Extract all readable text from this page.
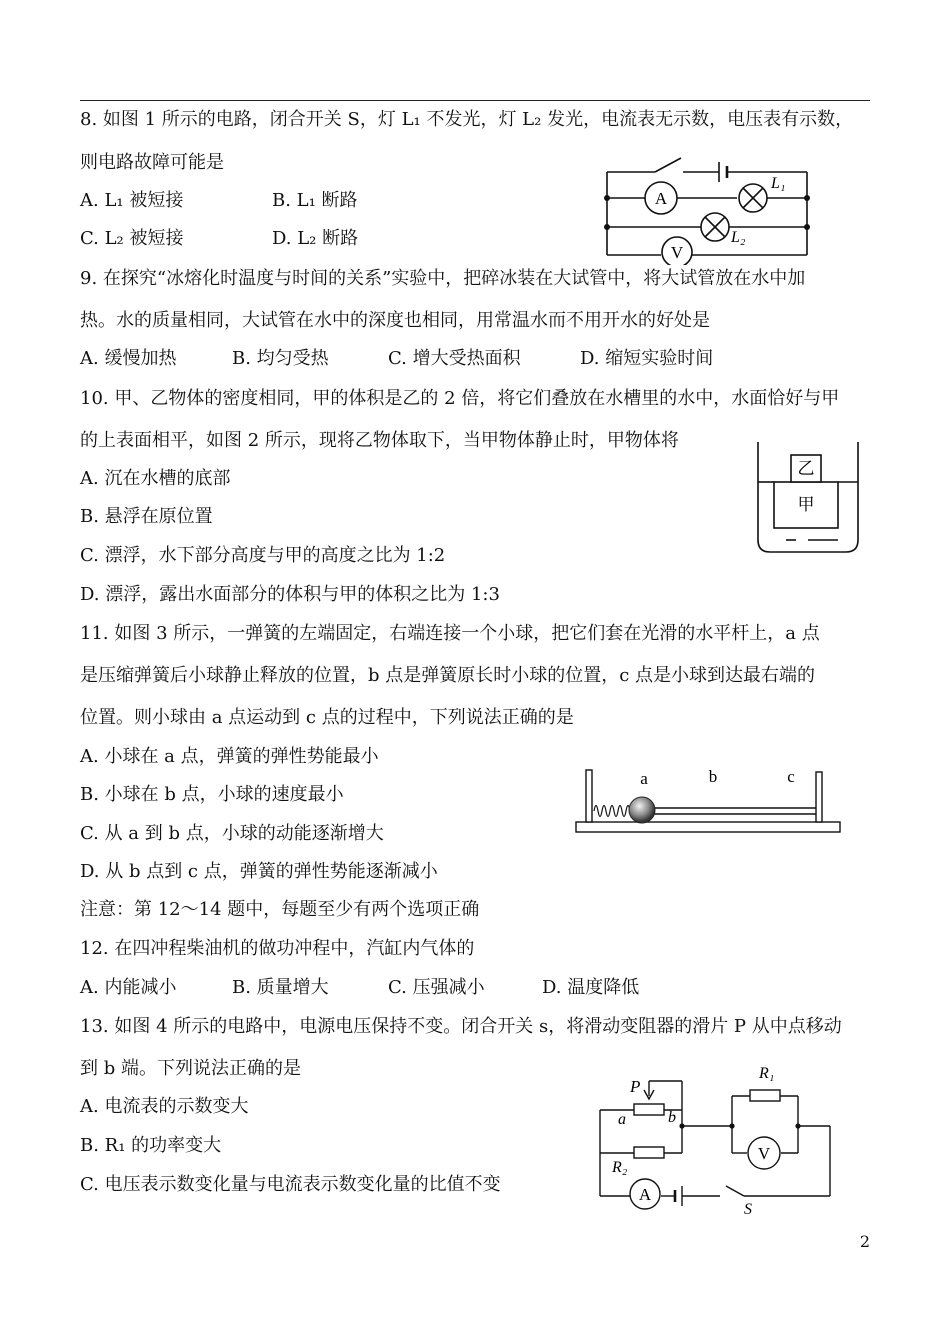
8. 如图 1 所示的电路，闭合开关 S，灯 L₁ 不发光，灯 L₂ 发光，电流表无示数，电压表有示数，
则电路故障可能是
A. L₁ 被短接	B. L₁ 断路
C. L₂ 被短接	D. L₂ 断路
A
V
L₁
L₂
9. 在探究“冰熔化时温度与时间的关系”实验中，把碎冰装在大试管中，将大试管放在水中加
热。水的质量相同，大试管在水中的深度也相同，用常温水而不用开水的好处是
A. 缓慢加热	B. 均匀受热	C. 增大受热面积	D. 缩短实验时间
10. 甲、乙物体的密度相同，甲的体积是乙的 2 倍，将它们叠放在水槽里的水中，水面恰好与甲
的上表面相平，如图 2 所示，现将乙物体取下，当甲物体静止时，甲物体将
A. 沉在水槽的底部
B. 悬浮在原位置
C. 漂浮，水下部分高度与甲的高度之比为 1:2
D. 漂浮，露出水面部分的体积与甲的体积之比为 1:3
乙
甲
11. 如图 3 所示，一弹簧的左端固定，右端连接一个小球，把它们套在光滑的水平杆上，a 点
是压缩弹簧后小球静止释放的位置，b 点是弹簧原长时小球的位置，c 点是小球到达最右端的
位置。则小球由 a 点运动到 c 点的过程中，下列说法正确的是
A. 小球在 a 点，弹簧的弹性势能最小
B. 小球在 b 点，小球的速度最小
C. 从 a 到 b 点，小球的动能逐渐增大
D. 从 b 点到 c 点，弹簧的弹性势能逐渐减小
a	b	c
注意：第 12～14 题中，每题至少有两个选项正确
12. 在四冲程柴油机的做功冲程中，汽缸内气体的
A. 内能减小	B. 质量增大	C. 压强减小	D. 温度降低
13. 如图 4 所示的电路中，电源电压保持不变。闭合开关 s，将滑动变阻器的滑片 P 从中点移动
到 b 端。下列说法正确的是
A. 电流表的示数变大
B. R₁ 的功率变大
C. 电压表示数变化量与电流表示数变化量的比值不变
P
a	b
R₁
R₂
V
A
S
2
